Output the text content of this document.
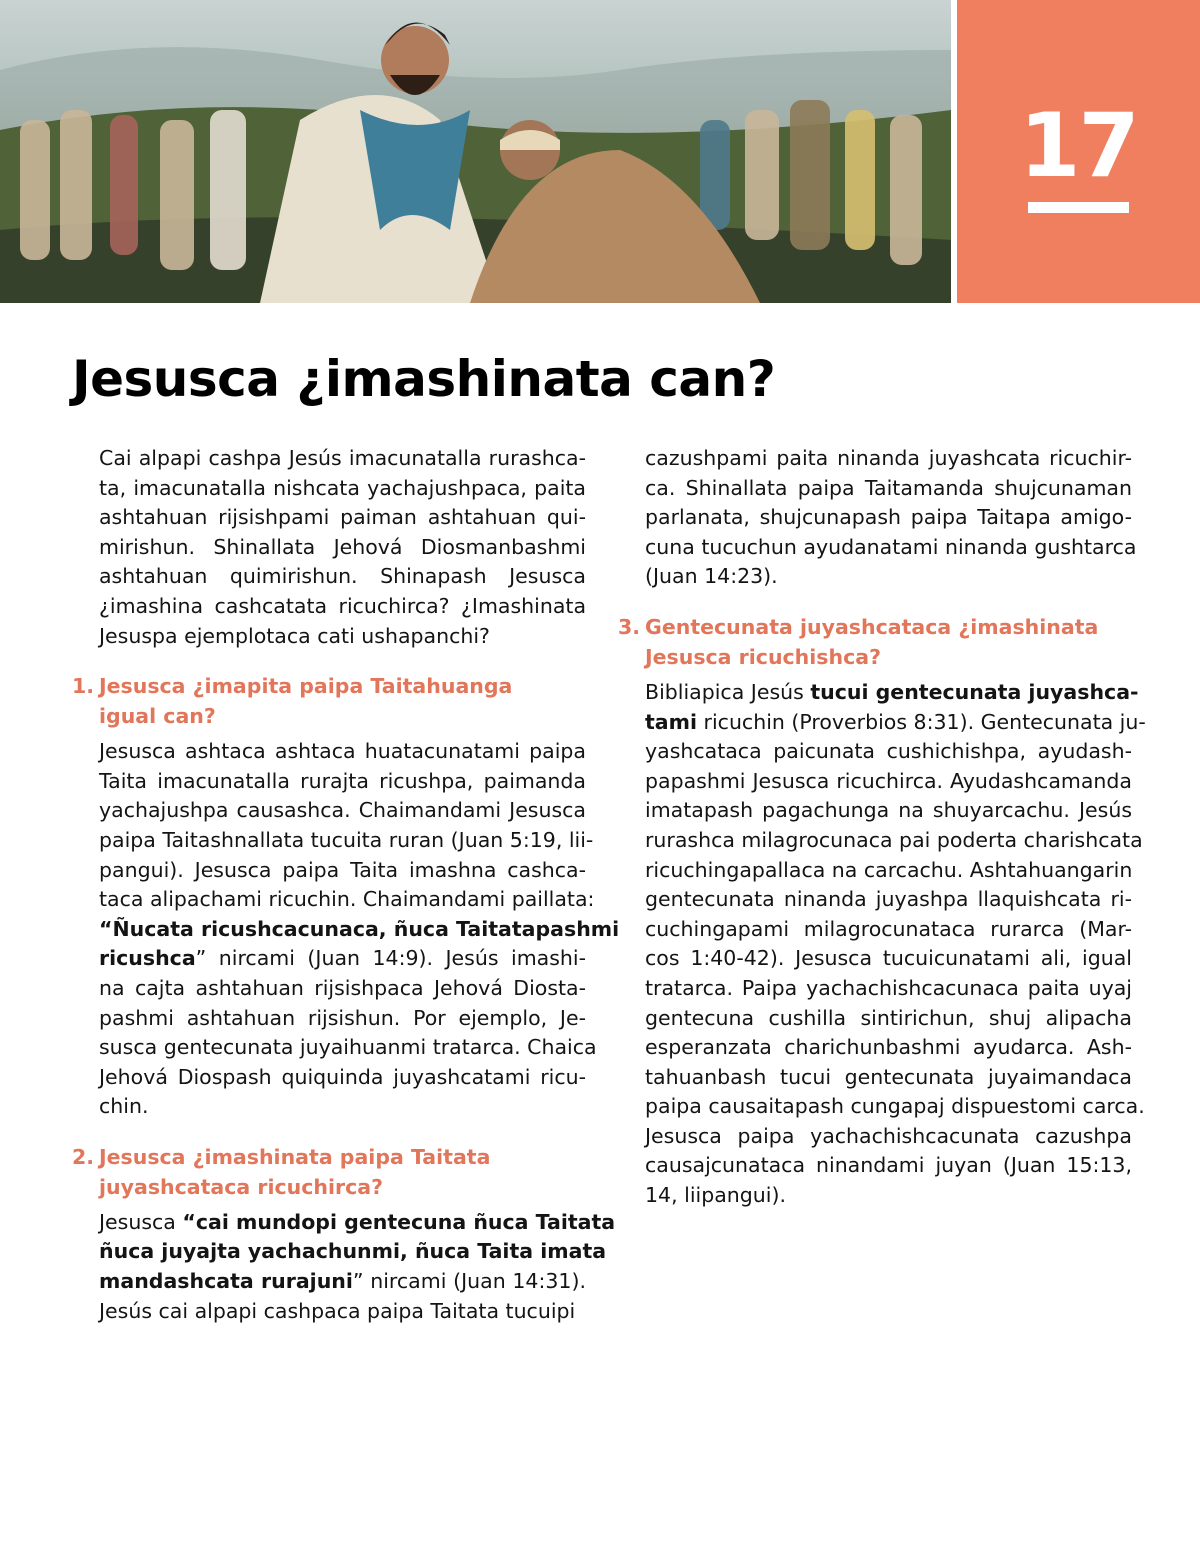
17
Jesusca ¿imashinata can?
Cai alpapi cashpa Jesús imacunatalla rurashca-
ta, imacunatalla nishcata yachajushpaca, paita
ashtahuan rijsishpami paiman ashtahuan qui-
mirishun. Shinallata Jehová Diosmanbashmi
ashtahuan quimirishun. Shinapash Jesusca
¿imashina cashcatata ricuchirca? ¿Imashinata
Jesuspa ejemplotaca cati ushapanchi?
1. Jesusca ¿imapita paipa Taitahuanga
igual can?
Jesusca ashtaca ashtaca huatacunatami paipa
Taita imacunatalla rurajta ricushpa, paimanda
yachajushpa causashca. Chaimandami Jesusca
paipa Taitashnallata tucuita ruran (Juan 5:19, lii-
pangui). Jesusca paipa Taita imashna cashca-
taca alipachami ricuchin. Chaimandami paillata:
“Ñucata ricushcacunaca, ñuca Taitatapashmi
ricushca” nircami (Juan 14:9). Jesús imashi-
na cajta ashtahuan rijsishpaca Jehová Diosta-
pashmi ashtahuan rijsishun. Por ejemplo, Je-
susca gentecunata juyaihuanmi tratarca. Chaica
Jehová Diospash quiquinda juyashcatami ricu-
chin.
2. Jesusca ¿imashinata paipa Taitata
juyashcataca ricuchirca?
Jesusca “cai mundopi gentecuna ñuca Taitata
ñuca juyajta yachachunmi, ñuca Taita imata
mandashcata rurajuni” nircami (Juan 14:31).
Jesús cai alpapi cashpaca paipa Taitata tucuipi
cazushpami paita ninanda juyashcata ricuchir-
ca. Shinallata paipa Taitamanda shujcunaman
parlanata, shujcunapash paipa Taitapa amigo-
cuna tucuchun ayudanatami ninanda gushtarca
(Juan 14:23).
3. Gentecunata juyashcataca ¿imashinata
Jesusca ricuchishca?
Bibliapica Jesús tucui gentecunata juyashca-
tami ricuchin (Proverbios 8:31). Gentecunata ju-
yashcataca paicunata cushichishpa, ayudash-
papashmi Jesusca ricuchirca. Ayudashcamanda
imatapash pagachunga na shuyarcachu. Jesús
rurashca milagrocunaca pai poderta charishcata
ricuchingapallaca na carcachu. Ashtahuangarin
gentecunata ninanda juyashpa llaquishcata ri-
cuchingapami milagrocunataca rurarca (Mar-
cos 1:40-42). Jesusca tucuicunatami ali, igual
tratarca. Paipa yachachishcacunaca paita uyaj
gentecuna cushilla sintirichun, shuj alipacha
esperanzata charichunbashmi ayudarca. Ash-
tahuanbash tucui gentecunata juyaimandaca
paipa causaitapash cungapaj dispuestomi carca.
Jesusca paipa yachachishcacunata cazushpa
causajcunataca ninandami juyan (Juan 15:13,
14, liipangui).
